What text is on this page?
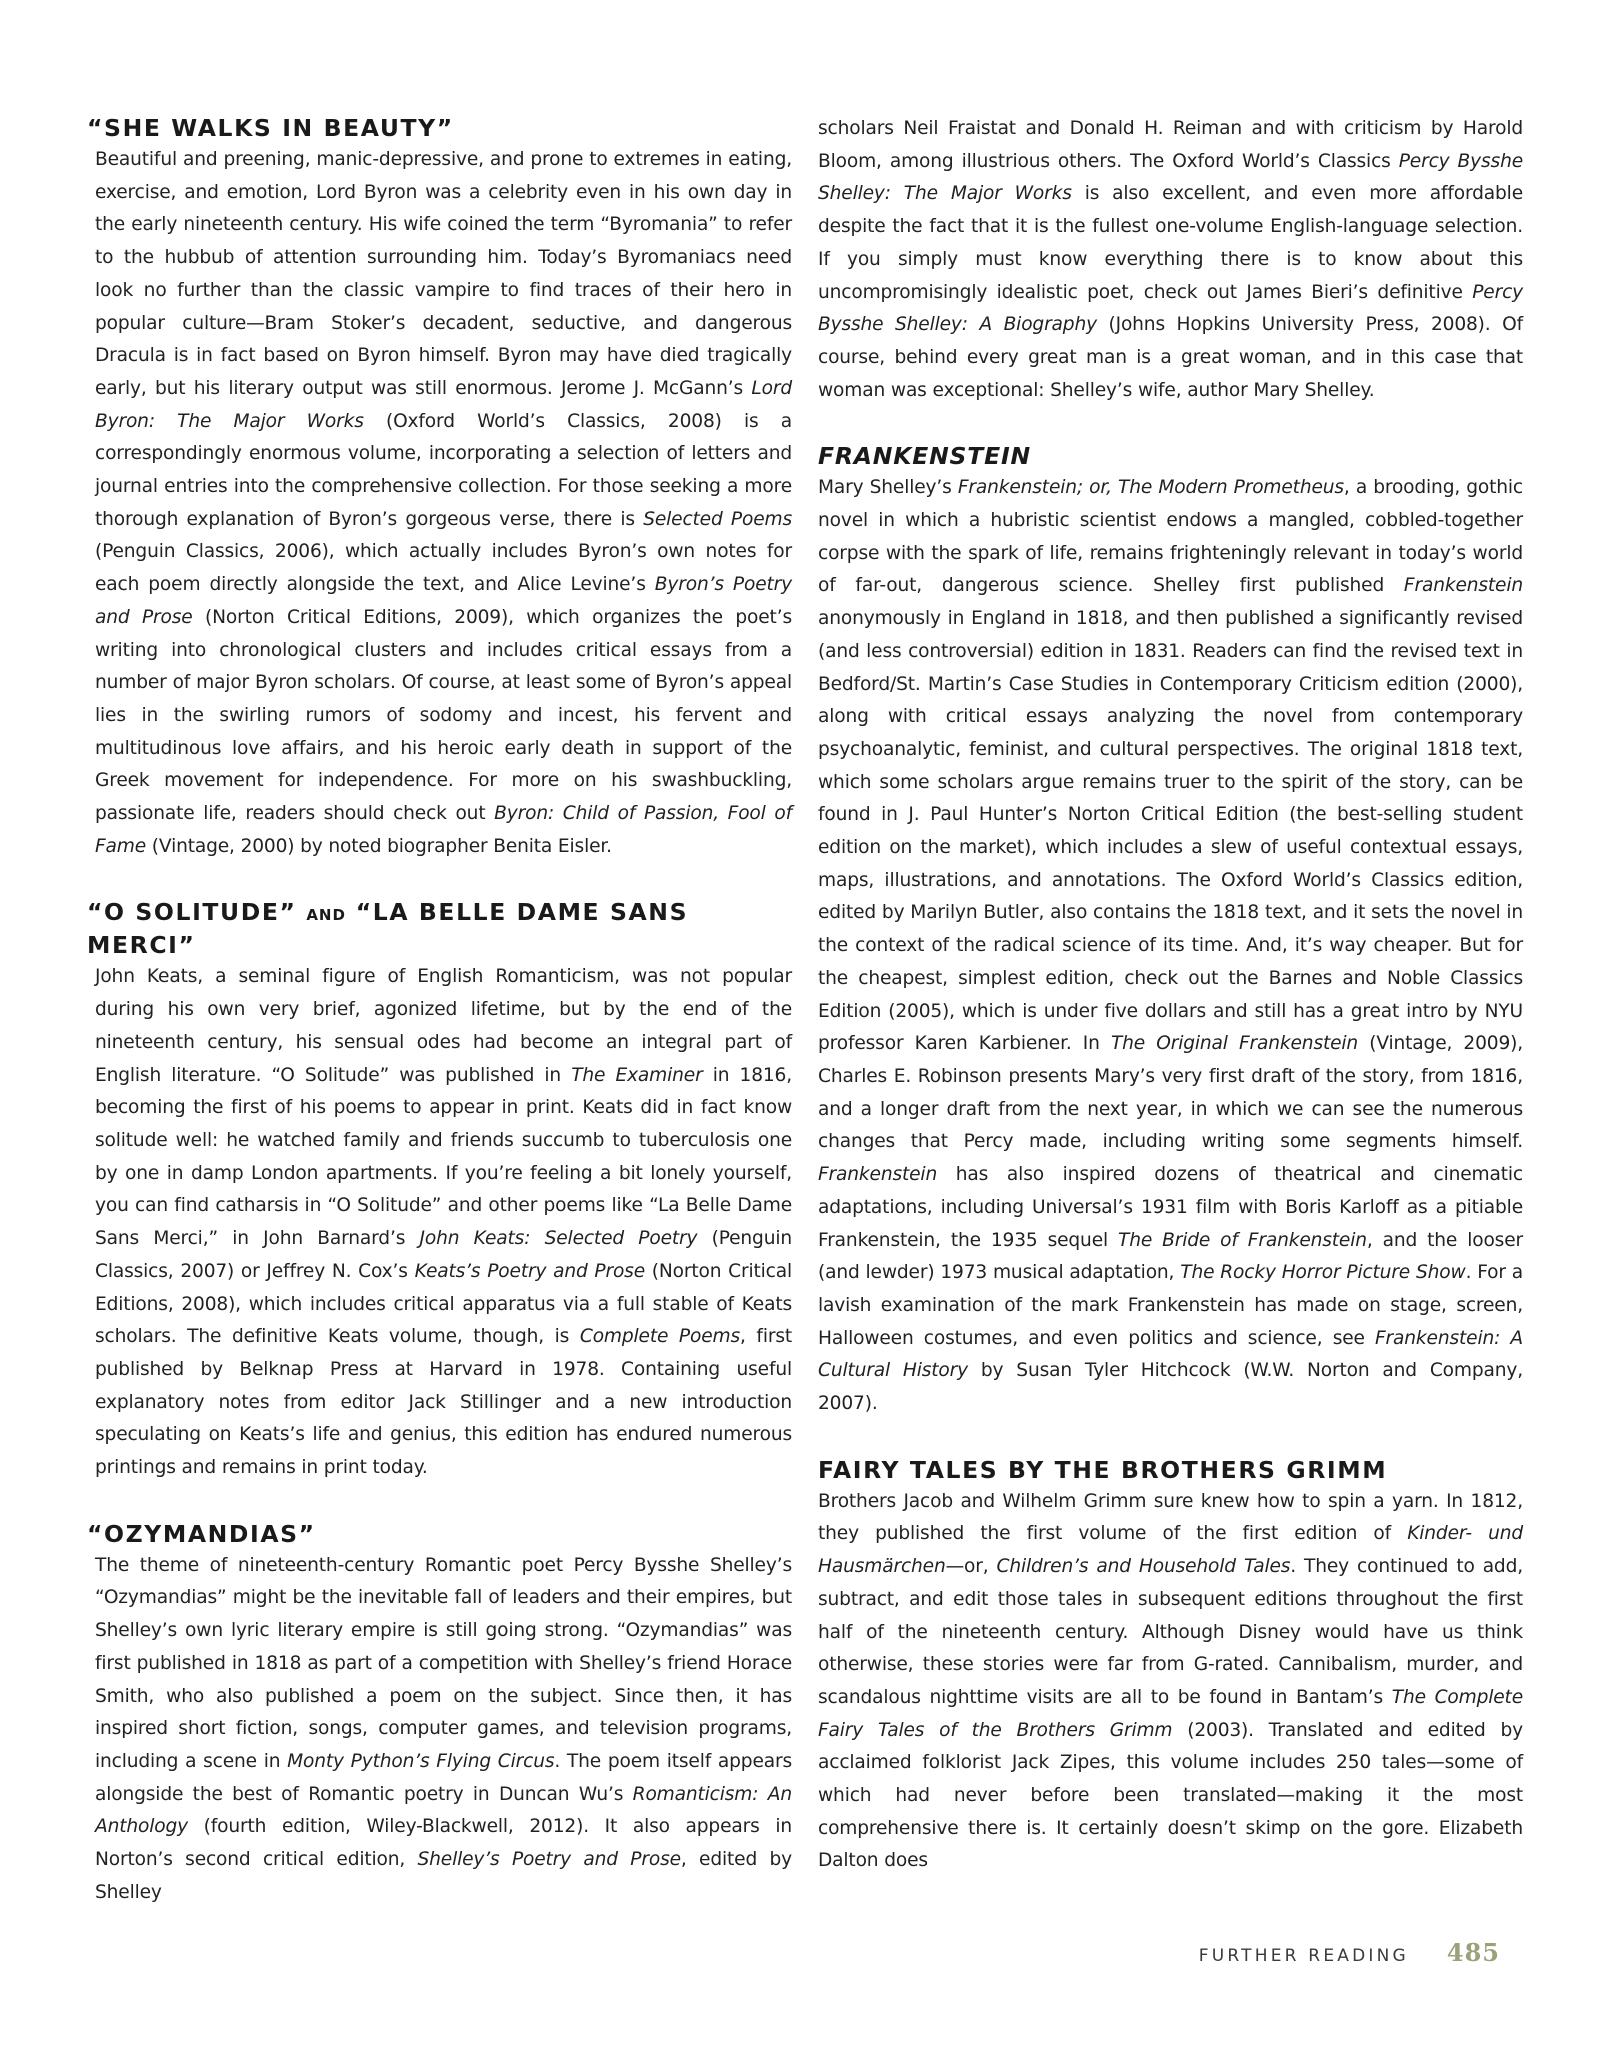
“SHE WALKS IN BEAUTY”

Beautiful and preening, manic-depressive, and prone to extremes in eating, exercise, and emotion, Lord Byron was a celebrity even in his own day in the early nineteenth century. His wife coined the term “Byromania” to refer to the hubbub of attention surrounding him. Today’s Byromaniacs need look no further than the classic vampire to find traces of their hero in popular culture—Bram Stoker’s decadent, seductive, and dangerous Dracula is in fact based on Byron himself. Byron may have died tragically early, but his literary output was still enormous. Jerome J. McGann’s Lord Byron: The Major Works (Oxford World’s Classics, 2008) is a correspondingly enormous volume, incorporating a selection of letters and journal entries into the comprehensive collection. For those seeking a more thorough explanation of Byron’s gorgeous verse, there is Selected Poems (Penguin Classics, 2006), which actually includes Byron’s own notes for each poem directly alongside the text, and Alice Levine’s Byron’s Poetry and Prose (Norton Critical Editions, 2009), which organizes the poet’s writing into chronological clusters and includes critical essays from a number of major Byron scholars. Of course, at least some of Byron’s appeal lies in the swirling rumors of sodomy and incest, his fervent and multitudinous love affairs, and his heroic early death in support of the Greek movement for independence. For more on his swashbuckling, passionate life, readers should check out Byron: Child of Passion, Fool of Fame (Vintage, 2000) by noted biographer Benita Eisler.

“O SOLITUDE” AND “LA BELLE DAME SANS MERCI”

John Keats, a seminal figure of English Romanticism, was not popular during his own very brief, agonized lifetime, but by the end of the nineteenth century, his sensual odes had become an integral part of English literature. “O Solitude” was published in The Examiner in 1816, becoming the first of his poems to appear in print. Keats did in fact know solitude well: he watched family and friends succumb to tuberculosis one by one in damp London apartments. If you’re feeling a bit lonely yourself, you can find catharsis in “O Solitude” and other poems like “La Belle Dame Sans Merci,” in John Barnard’s John Keats: Selected Poetry (Penguin Classics, 2007) or Jeffrey N. Cox’s Keats’s Poetry and Prose (Norton Critical Editions, 2008), which includes critical apparatus via a full stable of Keats scholars. The definitive Keats volume, though, is Complete Poems, first published by Belknap Press at Harvard in 1978. Containing useful explanatory notes from editor Jack Stillinger and a new introduction speculating on Keats’s life and genius, this edition has endured numerous printings and remains in print today.

“OZYMANDIAS”

The theme of nineteenth-century Romantic poet Percy Bysshe Shelley’s “Ozymandias” might be the inevitable fall of leaders and their empires, but Shelley’s own lyric literary empire is still going strong. “Ozymandias” was first published in 1818 as part of a competition with Shelley’s friend Horace Smith, who also published a poem on the subject. Since then, it has inspired short fiction, songs, computer games, and television programs, including a scene in Monty Python’s Flying Circus. The poem itself appears alongside the best of Romantic poetry in Duncan Wu’s Romanticism: An Anthology (fourth edition, Wiley-Blackwell, 2012). It also appears in Norton’s second critical edition, Shelley’s Poetry and Prose, edited by Shelley

scholars Neil Fraistat and Donald H. Reiman and with criticism by Harold Bloom, among illustrious others. The Oxford World’s Classics Percy Bysshe Shelley: The Major Works is also excellent, and even more affordable despite the fact that it is the fullest one-volume English-language selection. If you simply must know everything there is to know about this uncompromisingly idealistic poet, check out James Bieri’s definitive Percy Bysshe Shelley: A Biography (Johns Hopkins University Press, 2008). Of course, behind every great man is a great woman, and in this case that woman was exceptional: Shelley’s wife, author Mary Shelley.

FRANKENSTEIN

Mary Shelley’s Frankenstein; or, The Modern Prometheus, a brooding, gothic novel in which a hubristic scientist endows a mangled, cobbled-together corpse with the spark of life, remains frighteningly relevant in today’s world of far-out, dangerous science. Shelley first published Frankenstein anonymously in England in 1818, and then published a significantly revised (and less controversial) edition in 1831. Readers can find the revised text in Bedford/St. Martin’s Case Studies in Contemporary Criticism edition (2000), along with critical essays analyzing the novel from contemporary psychoanalytic, feminist, and cultural perspectives. The original 1818 text, which some scholars argue remains truer to the spirit of the story, can be found in J. Paul Hunter’s Norton Critical Edition (the best-selling student edition on the market), which includes a slew of useful contextual essays, maps, illustrations, and annotations. The Oxford World’s Classics edition, edited by Marilyn Butler, also contains the 1818 text, and it sets the novel in the context of the radical science of its time. And, it’s way cheaper. But for the cheapest, simplest edition, check out the Barnes and Noble Classics Edition (2005), which is under five dollars and still has a great intro by NYU professor Karen Karbiener. In The Original Frankenstein (Vintage, 2009), Charles E. Robinson presents Mary’s very first draft of the story, from 1816, and a longer draft from the next year, in which we can see the numerous changes that Percy made, including writing some segments himself. Frankenstein has also inspired dozens of theatrical and cinematic adaptations, including Universal’s 1931 film with Boris Karloff as a pitiable Frankenstein, the 1935 sequel The Bride of Frankenstein, and the looser (and lewder) 1973 musical adaptation, The Rocky Horror Picture Show. For a lavish examination of the mark Frankenstein has made on stage, screen, Halloween costumes, and even politics and science, see Frankenstein: A Cultural History by Susan Tyler Hitchcock (W.W. Norton and Company, 2007).

FAIRY TALES BY THE BROTHERS GRIMM

Brothers Jacob and Wilhelm Grimm sure knew how to spin a yarn. In 1812, they published the first volume of the first edition of Kinder- und Hausmärchen—or, Children’s and Household Tales. They continued to add, subtract, and edit those tales in subsequent editions throughout the first half of the nineteenth century. Although Disney would have us think otherwise, these stories were far from G-rated. Cannibalism, murder, and scandalous nighttime visits are all to be found in Bantam’s The Complete Fairy Tales of the Brothers Grimm (2003). Translated and edited by acclaimed folklorist Jack Zipes, this volume includes 250 tales—some of which had never before been translated—making it the most comprehensive there is. It certainly doesn’t skimp on the gore. Elizabeth Dalton does

FURTHER READING 485
